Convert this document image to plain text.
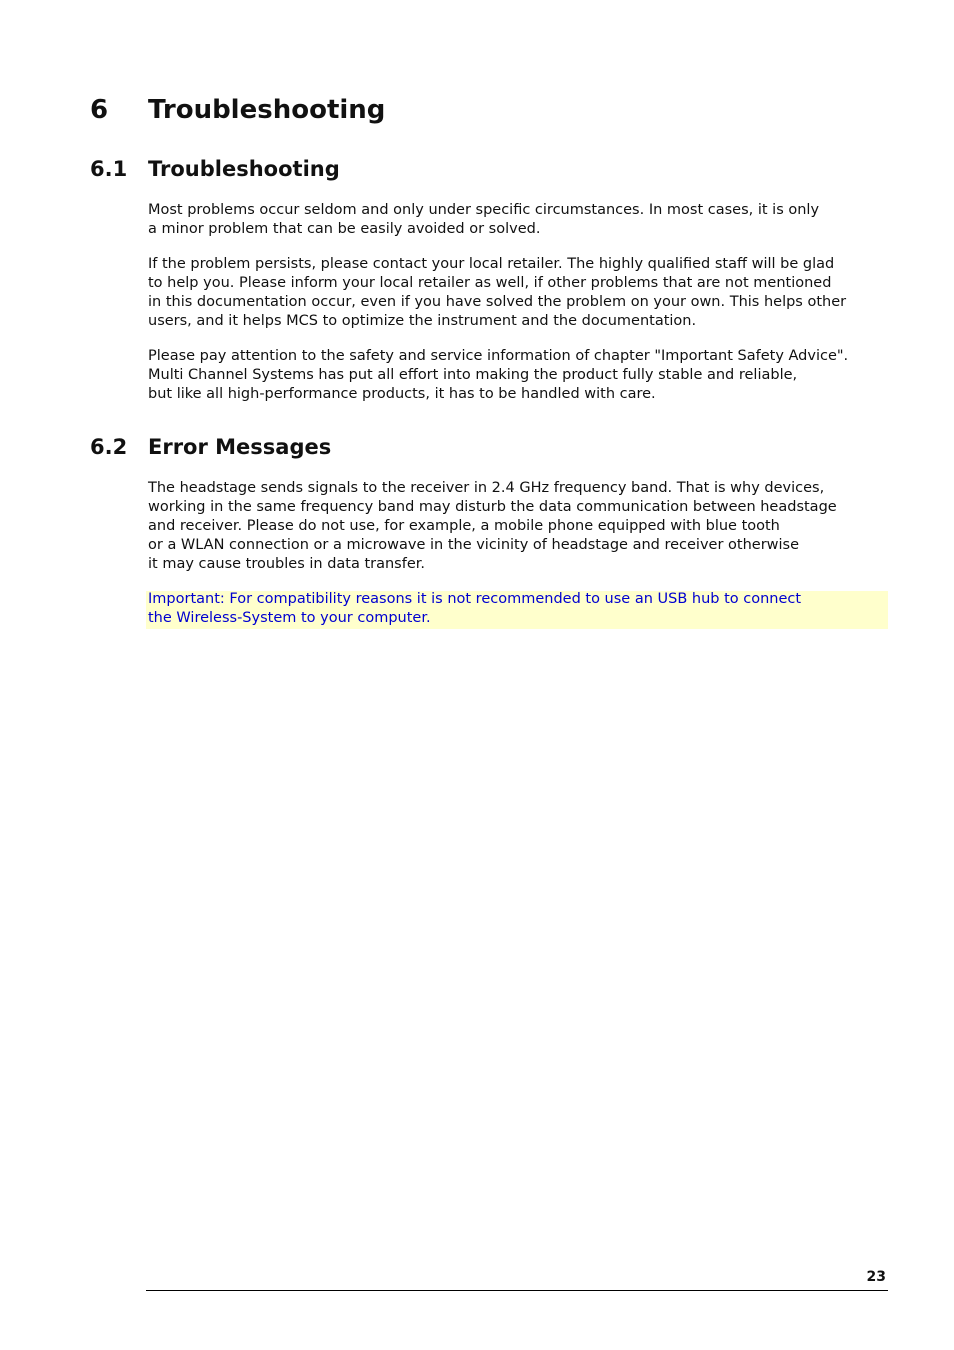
6 Troubleshooting
6.1 Troubleshooting
Most problems occur seldom and only under specific circumstances. In most cases, it is only
a minor problem that can be easily avoided or solved.
If the problem persists, please contact your local retailer. The highly qualified staff will be glad
to help you. Please inform your local retailer as well, if other problems that are not mentioned
in this documentation occur, even if you have solved the problem on your own. This helps other
users, and it helps MCS to optimize the instrument and the documentation.
Please pay attention to the safety and service information of chapter "Important Safety Advice".
Multi Channel Systems has put all effort into making the product fully stable and reliable,
but like all high-performance products, it has to be handled with care.
6.2 Error Messages
The headstage sends signals to the receiver in 2.4 GHz frequency band. That is why devices,
working in the same frequency band may disturb the data communication between headstage
and receiver. Please do not use, for example, a mobile phone equipped with blue tooth
or a WLAN connection or a microwave in the vicinity of headstage and receiver otherwise
it may cause troubles in data transfer.
Important: For compatibility reasons it is not recommended to use an USB hub to connect
the Wireless-System to your computer.
23
